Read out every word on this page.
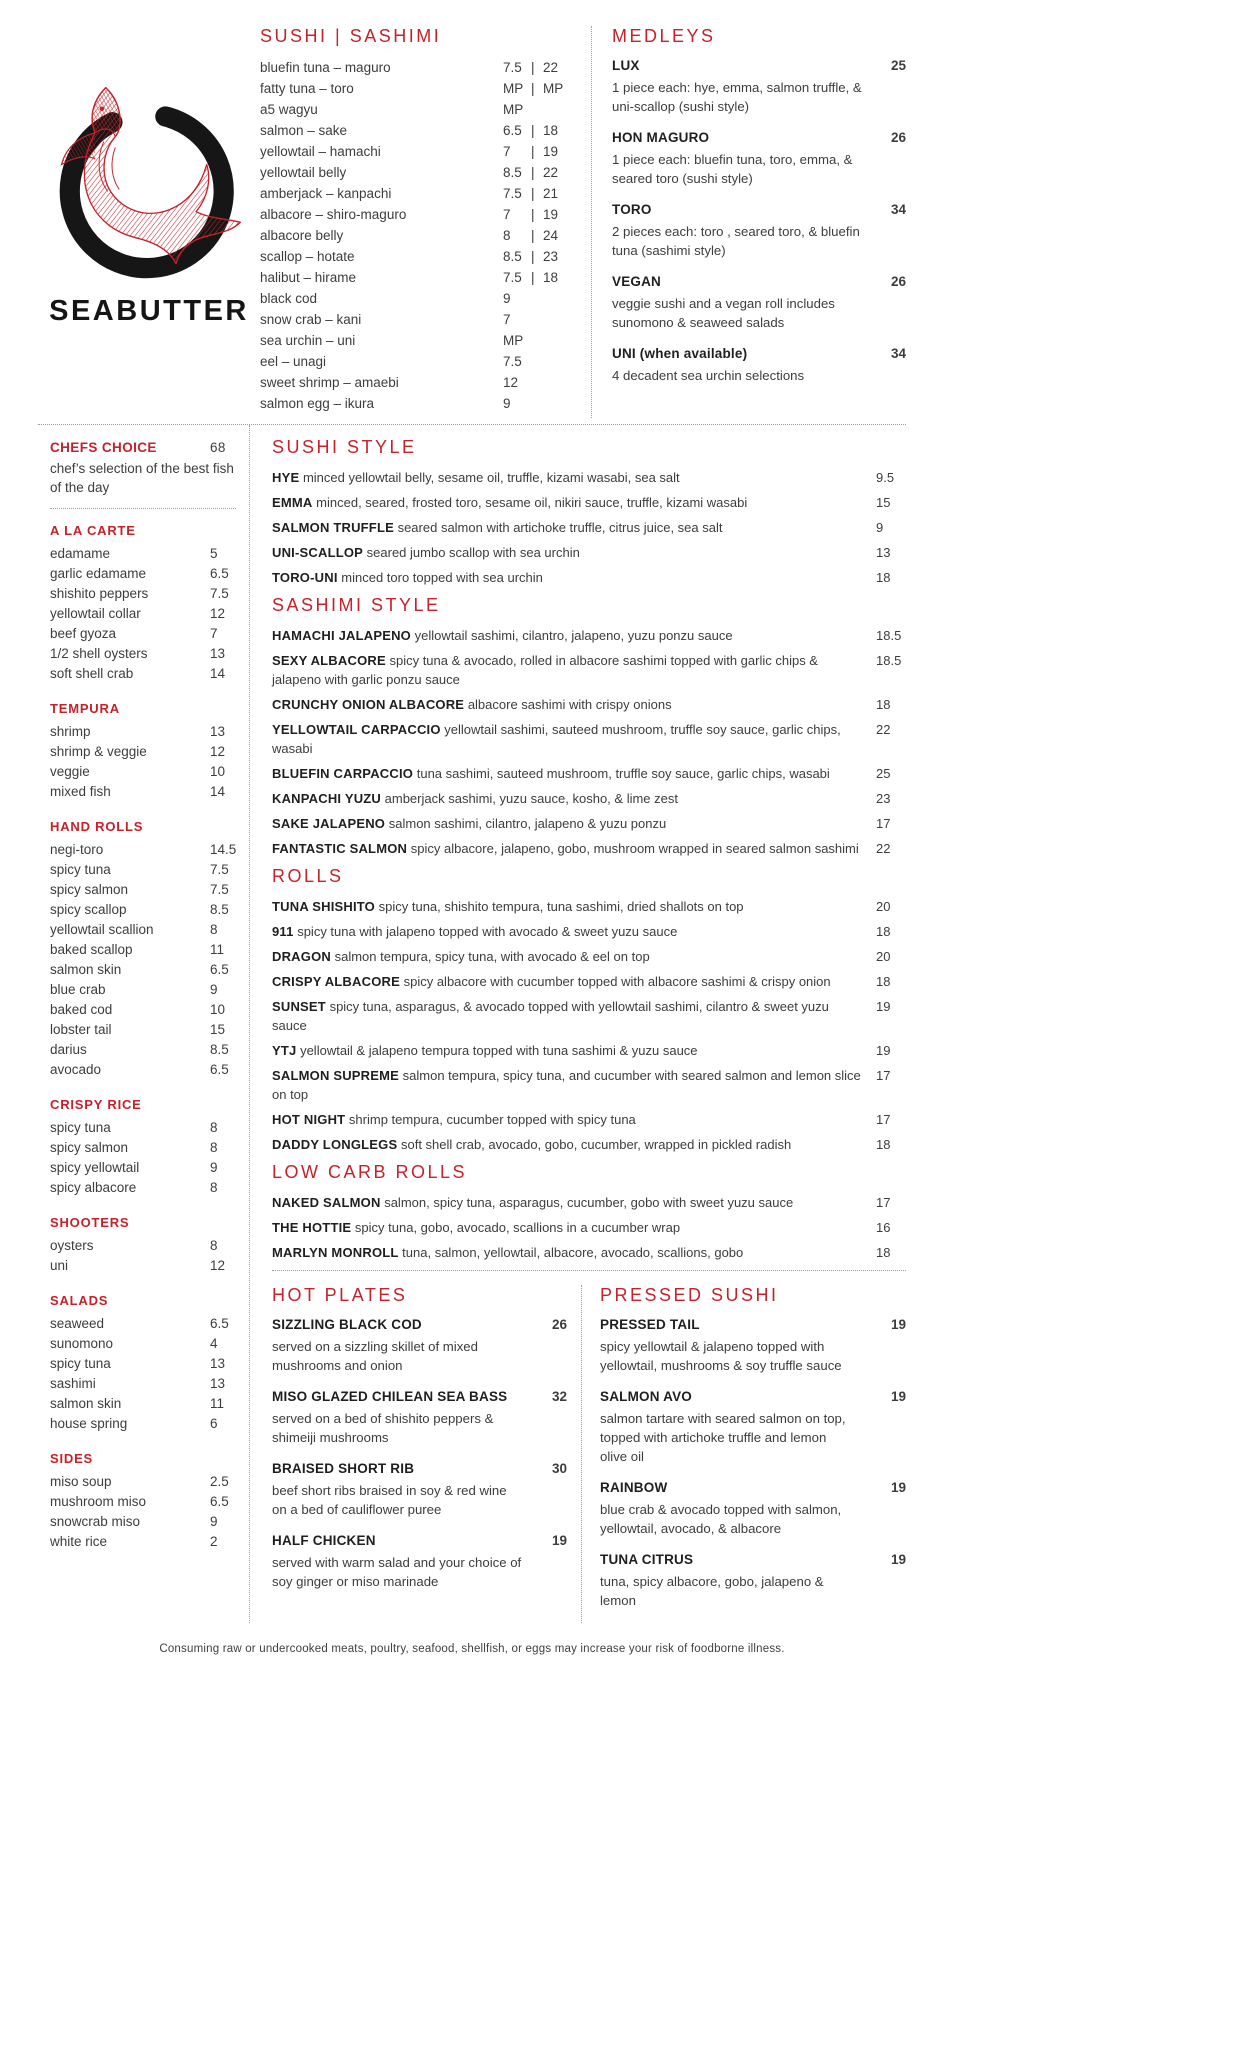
SEABUTTER
SUSHI | SASHIMI
bluefin tuna – maguro	7.5 | 22
fatty tuna – toro	MP | MP
a5 wagyu	MP
salmon – sake	6.5 | 18
yellowtail – hamachi	7	| 19
yellowtail belly	8.5 | 22
amberjack – kanpachi	7.5 | 21
albacore – shiro-maguro	7	| 19
albacore belly	8	| 24
scallop – hotate	8.5 | 23
halibut – hirame	7.5 | 18
black cod	9
snow crab – kani	7
sea urchin – uni	MP
eel – unagi	7.5
sweet shrimp – amaebi	12
salmon egg – ikura	9
MEDLEYS
LUX	25
1 piece each: hye, emma, salmon truffle, & uni-scallop (sushi style)
HON MAGURO	26
1 piece each: bluefin tuna, toro, emma, & seared toro (sushi style)
TORO	34
2 pieces each: toro , seared toro, & bluefin tuna (sashimi style)
VEGAN	26
veggie sushi and a vegan roll includes sunomono & seaweed salads
UNI (when available)	34
4 decadent sea urchin selections
CHEFS CHOICE	68
chef’s selection of the best fish of the day
A LA CARTE
edamame	5
garlic edamame	6.5
shishito peppers	7.5
yellowtail collar	12
beef gyoza	7
1/2 shell oysters	13
soft shell crab	14
TEMPURA
shrimp	13
shrimp & veggie	12
veggie	10
mixed fish	14
HAND ROLLS
negi-toro	14.5
spicy tuna	7.5
spicy salmon	7.5
spicy scallop	8.5
yellowtail scallion	8
baked scallop	11
salmon skin	6.5
blue crab	9
baked cod	10
lobster tail	15
darius	8.5
avocado	6.5
CRISPY RICE
spicy tuna	8
spicy salmon	8
spicy yellowtail	9
spicy albacore	8
SHOOTERS
oysters	8
uni	12
SALADS
seaweed	6.5
sunomono	4
spicy tuna	13
sashimi	13
salmon skin	11
house spring	6
SIDES
miso soup	2.5
mushroom miso	6.5
snowcrab miso	9
white rice	2
SUSHI STYLE
HYE minced yellowtail belly, sesame oil, truffle, kizami wasabi, sea salt	9.5
EMMA minced, seared, frosted toro, sesame oil, nikiri sauce, truffle, kizami wasabi	15
SALMON TRUFFLE seared salmon with artichoke truffle, citrus juice, sea salt	9
UNI-SCALLOP seared jumbo scallop with sea urchin	13
TORO-UNI minced toro topped with sea urchin	18
SASHIMI STYLE
HAMACHI JALAPENO yellowtail sashimi, cilantro, jalapeno, yuzu ponzu sauce	18.5
SEXY ALBACORE spicy tuna & avocado, rolled in albacore sashimi topped with garlic chips & jalapeno with garlic ponzu sauce
18.5
CRUNCHY ONION ALBACORE albacore sashimi with crispy onions	18
YELLOWTAIL CARPACCIO yellowtail sashimi, sauteed mushroom, truffle soy sauce, garlic chips, wasabi
22
BLUEFIN CARPACCIO tuna sashimi, sauteed mushroom, truffle soy sauce, garlic chips, wasabi	25
KANPACHI YUZU amberjack sashimi, yuzu sauce, kosho, & lime zest	23
SAKE JALAPENO salmon sashimi, cilantro, jalapeno & yuzu ponzu	17
FANTASTIC SALMON spicy albacore, jalapeno, gobo, mushroom wrapped in seared salmon sashimi	22
ROLLS
TUNA SHISHITO spicy tuna, shishito tempura, tuna sashimi, dried shallots on top	20
911 spicy tuna with jalapeno topped with avocado & sweet yuzu sauce	18
DRAGON salmon tempura, spicy tuna, with avocado & eel on top	20
CRISPY ALBACORE spicy albacore with cucumber topped with albacore sashimi & crispy onion	18
SUNSET spicy tuna, asparagus, & avocado topped with yellowtail sashimi, cilantro & sweet yuzu sauce
19
YTJ yellowtail & jalapeno tempura topped with tuna sashimi & yuzu sauce	19
SALMON SUPREME salmon tempura, spicy tuna, and cucumber with seared salmon and lemon slice on top
17
HOT NIGHT shrimp tempura, cucumber topped with spicy tuna	17
DADDY LONGLEGS soft shell crab, avocado, gobo, cucumber, wrapped in pickled radish	18
LOW CARB ROLLS
NAKED SALMON salmon, spicy tuna, asparagus, cucumber, gobo with sweet yuzu sauce	17
THE HOTTIE spicy tuna, gobo, avocado, scallions in a cucumber wrap	16
MARLYN MONROLL tuna, salmon, yellowtail, albacore, avocado, scallions, gobo	18
HOT PLATES
SIZZLING BLACK COD	26
served on a sizzling skillet of mixed mushrooms and onion
MISO GLAZED CHILEAN SEA BASS	32
served on a bed of shishito peppers & shimeiji mushrooms
BRAISED SHORT RIB	30
beef short ribs braised in soy & red wine on a bed of cauliflower puree
HALF CHICKEN	19
served with warm salad and your choice of soy ginger or miso marinade
PRESSED SUSHI
PRESSED TAIL	19
spicy yellowtail & jalapeno topped with yellowtail, mushrooms & soy truffle sauce
SALMON AVO	19
salmon tartare with seared salmon on top, topped with artichoke truffle and lemon olive oil
RAINBOW	19
blue crab & avocado topped with salmon, yellowtail, avocado, & albacore
TUNA CITRUS	19
tuna, spicy albacore, gobo, jalapeno & lemon
Consuming raw or undercooked meats, poultry, seafood, shellfish, or eggs may increase your risk of foodborne illness.
